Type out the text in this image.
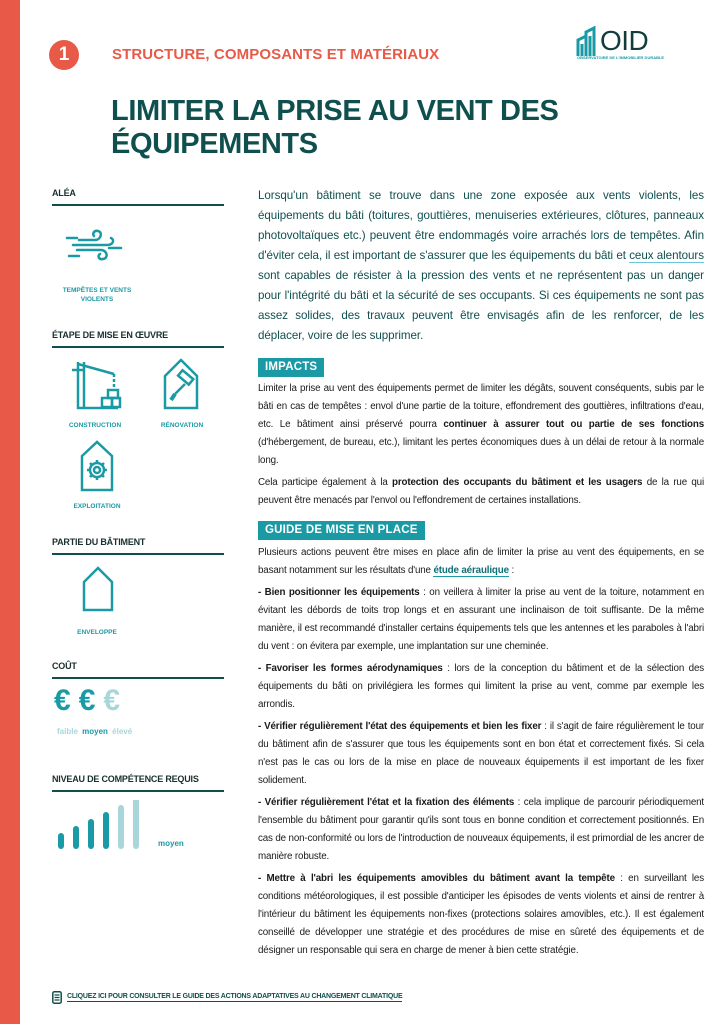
1	STRUCTURE, COMPOSANTS ET MATÉRIAUX	OID
OBSERVATOIRE DE L'IMMOBILIER DURABLE
LIMITER LA PRISE AU VENT DES
ÉQUIPEMENTS
ALÉA
TEMPÊTES ET VENTS VIOLENTS
ÉTAPE DE MISE EN ŒUVRE
CONSTRUCTION	RÉNOVATION
EXPLOITATION
PARTIE DU BÂTIMENT
ENVELOPPE
COÛT
€ € €
faible moyen élevé
NIVEAU DE COMPÉTENCE REQUIS
moyen
Lorsqu'un bâtiment se trouve dans une zone exposée aux vents violents, les équipements du bâti (toitures, gouttières, menuiseries extérieures, clôtures, panneaux photovoltaïques etc.) peuvent être endommagés voire arrachés lors de tempêtes. Afin d'éviter cela, il est important de s'assurer que les équipements du bâti et ceux alentours sont capables de résister à la pression des vents et ne représentent pas un danger pour l'intégrité du bâti et la sécurité de ses occupants. Si ces équipements ne sont pas assez solides, des travaux peuvent être envisagés afin de les renforcer, de les déplacer, voire de les supprimer.
IMPACTS

Limiter la prise au vent des équipements permet de limiter les dégâts, souvent conséquents, subis par le bâti en cas de tempêtes : envol d'une partie de la toiture, effondrement des gouttières, infiltrations d'eau, etc. Le bâtiment ainsi préservé pourra continuer à assurer tout ou partie de ses fonctions (d'hébergement, de bureau, etc.), limitant les pertes économiques dues à un délai de retour à la normale long.

Cela participe également à la protection des occupants du bâtiment et les usagers de la rue qui peuvent être menacés par l'envol ou l'effondrement de certaines installations.

GUIDE DE MISE EN PLACE

Plusieurs actions peuvent être mises en place afin de limiter la prise au vent des équipements, en se basant notamment sur les résultats d'une étude aéraulique :

- Bien positionner les équipements : on veillera à limiter la prise au vent de la toiture, notamment en évitant les débords de toits trop longs et en assurant une inclinaison de toit suffisante. De la même manière, il est recommandé d'installer certains équipements tels que les antennes et les paraboles à l'abri du vent : on évitera par exemple, une implantation sur une cheminée.

- Favoriser les formes aérodynamiques : lors de la conception du bâtiment et de la sélection des équipements du bâti on privilégiera les formes qui limitent la prise au vent, comme par exemple les arrondis.

- Vérifier régulièrement l'état des équipements et bien les fixer : il s'agit de faire régulièrement le tour du bâtiment afin de s'assurer que tous les équipements sont en bon état et correctement fixés. Si cela n'est pas le cas ou lors de la mise en place de nouveaux équipements il est important de les fixer solidement.

- Vérifier régulièrement l'état et la fixation des éléments : cela implique de parcourir périodiquement l'ensemble du bâtiment pour garantir qu'ils sont tous en bonne condition et correctement positionnés. En cas de non-conformité ou lors de l'introduction de nouveaux équipements, il est primordial de les ancrer de manière robuste.

- Mettre à l'abri les équipements amovibles du bâtiment avant la tempête : en surveillant les conditions météorologiques, il est possible d'anticiper les épisodes de vents violents et ainsi de rentrer à l'intérieur du bâtiment les équipements non-fixes (protections solaires amovibles, etc.). Il est également conseillé de développer une stratégie et des procédures de mise en sûreté des équipements et de désigner un responsable qui sera en charge de mener à bien cette stratégie.

CLIQUEZ ICI POUR CONSULTER LE GUIDE DES ACTIONS ADAPTATIVES AU CHANGEMENT CLIMATIQUE
